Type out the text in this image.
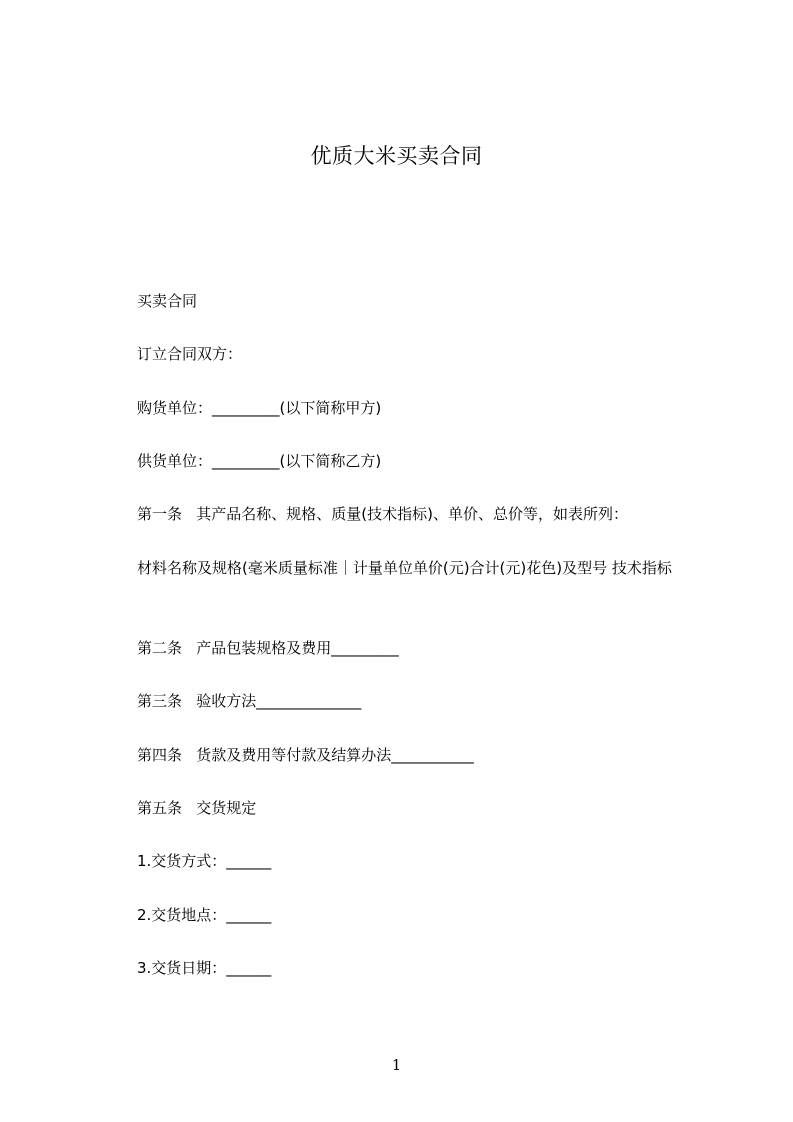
优质大米买卖合同
买卖合同
订立合同双方：
购货单位：_________(以下简称甲方)
供货单位：_________(以下简称乙方)
第一条   其产品名称、规格、质量(技术指标)、单价、总价等，如表所列：
材料名称及规格(毫米质量标准｜计量单位单价(元)合计(元)花色)及型号 技术指标
第二条   产品包装规格及费用_________
第三条   验收方法______________
第四条   货款及费用等付款及结算办法___________
第五条   交货规定
1.交货方式：______
2.交货地点：______
3.交货日期：______
1
